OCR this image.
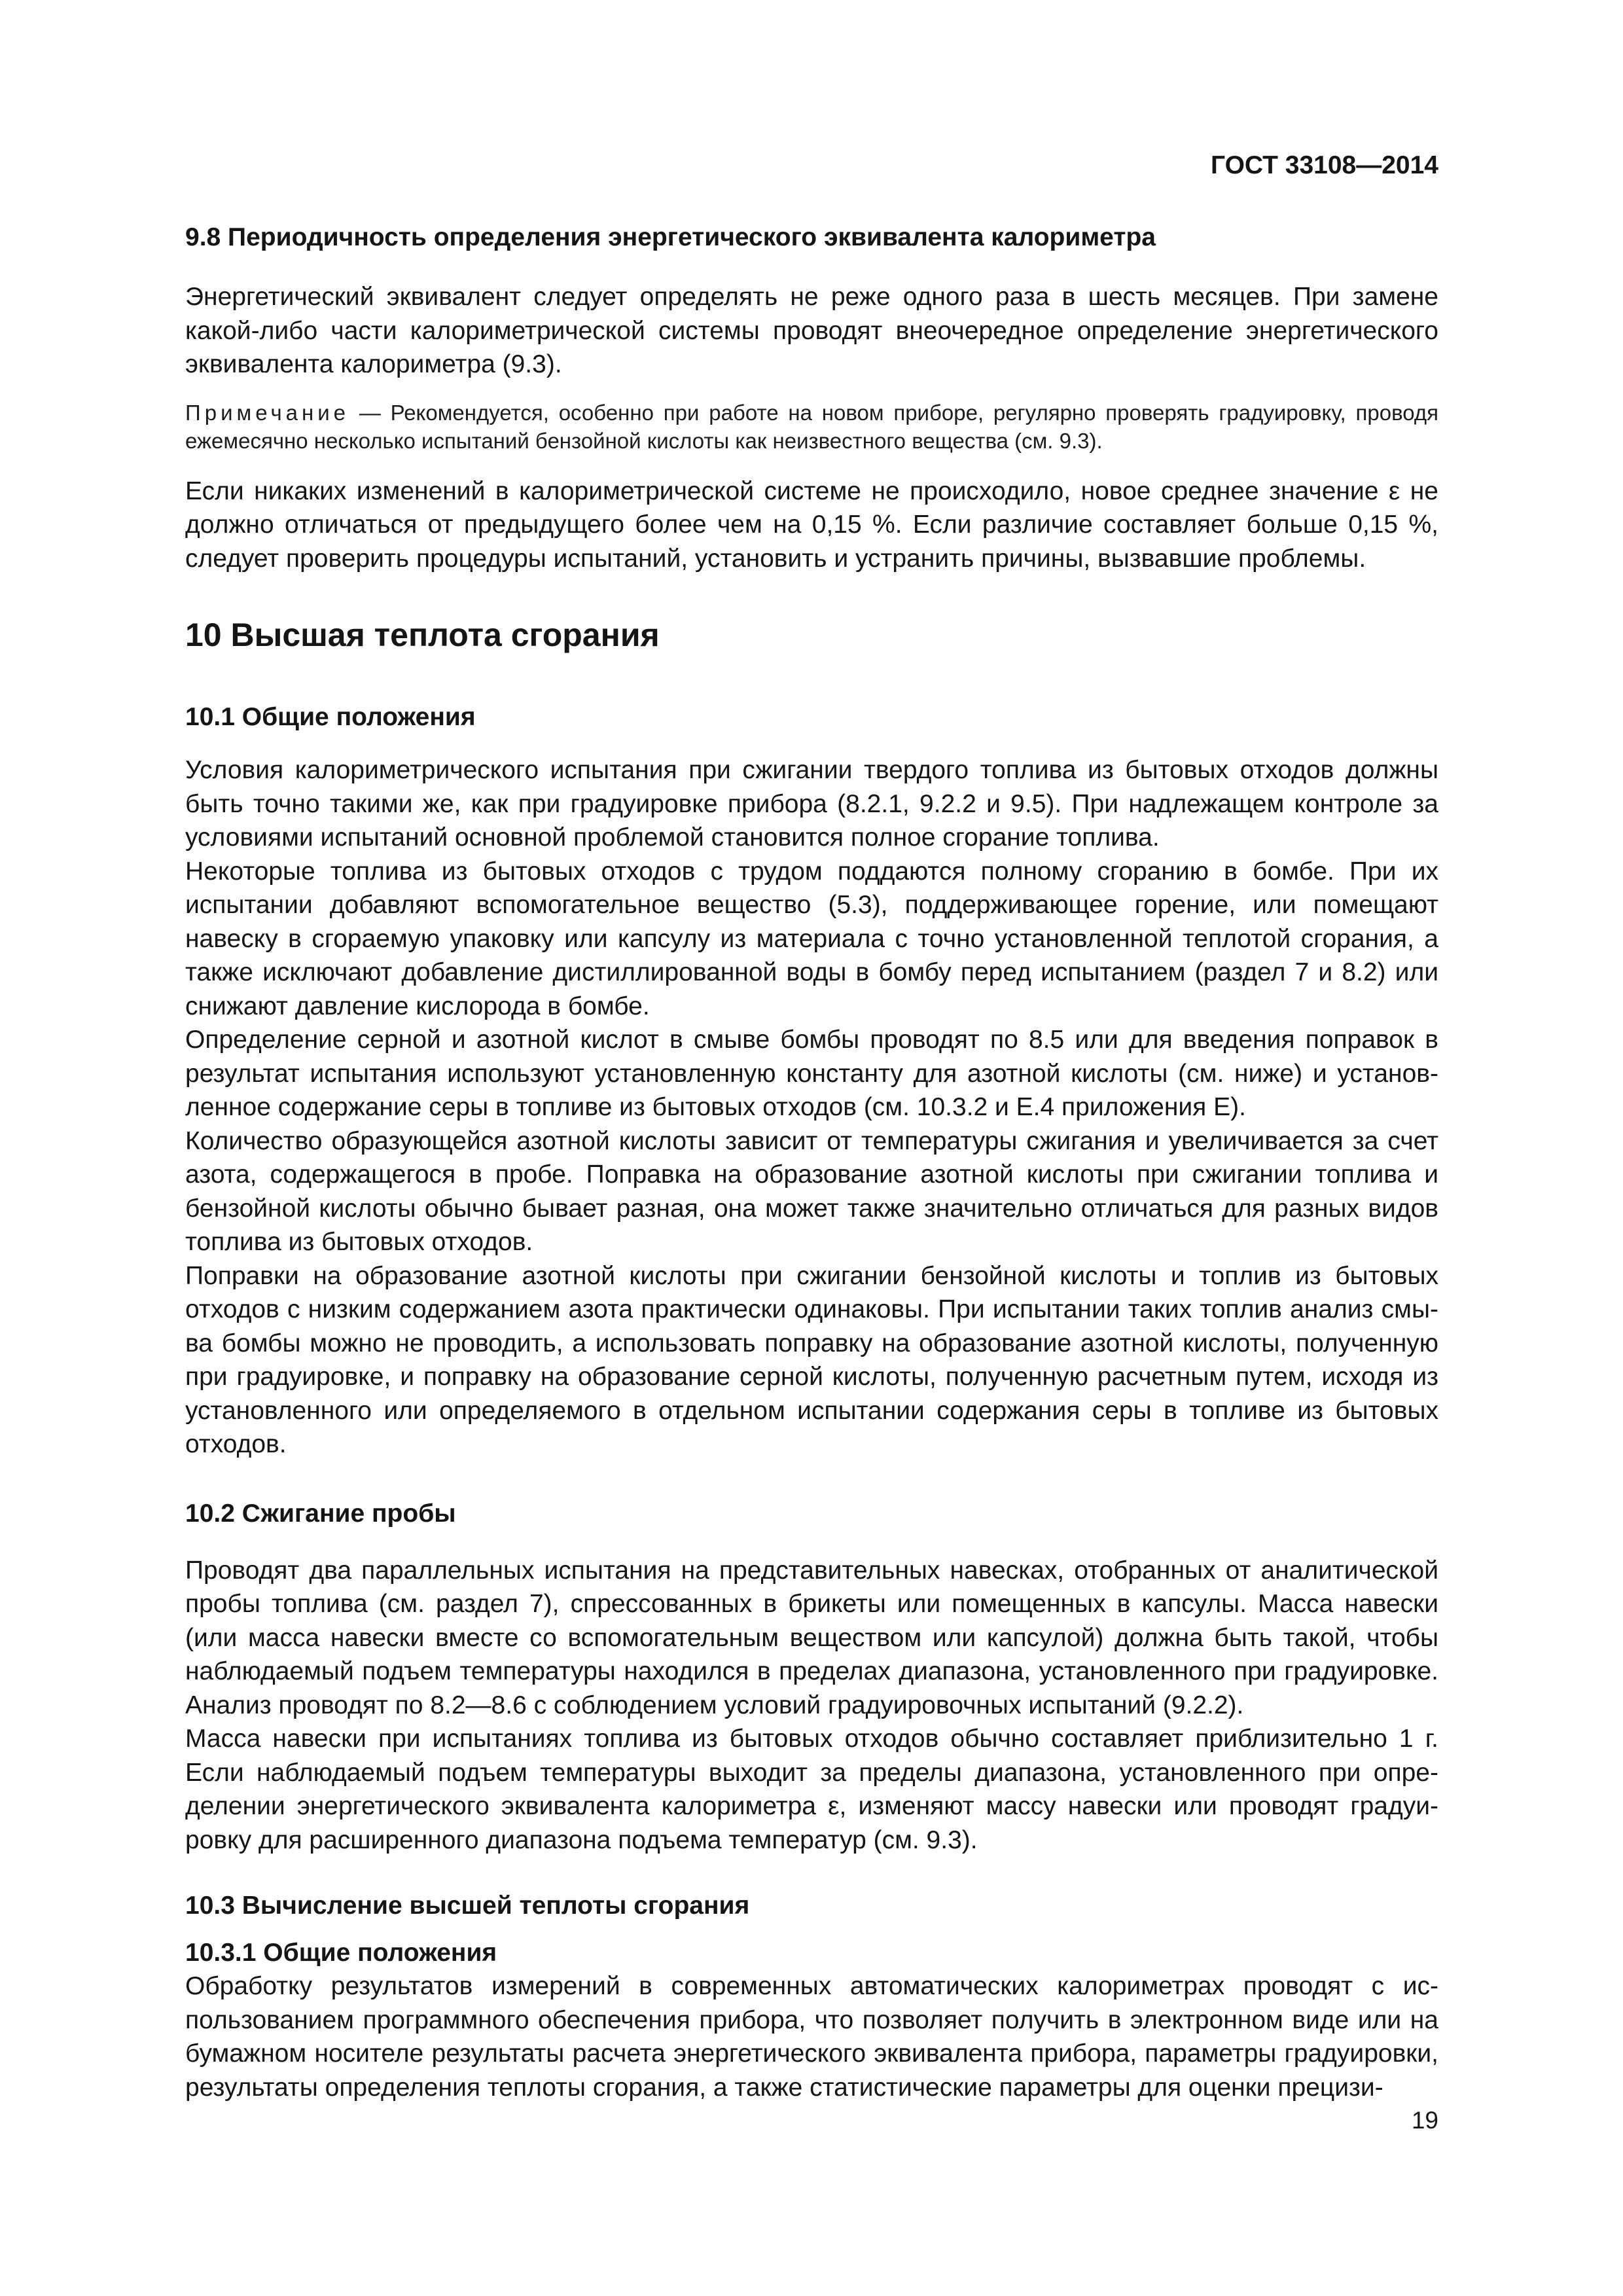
ГОСТ 33108—2014
9.8 Периодичность определения энергетического эквивалента калориметра

Энергетический эквивалент следует определять не реже одного раза в шесть месяцев. При замене какой-либо части калориметрической системы проводят внеочередное определение энергетического эквивалента калориметра (9.3).

Примечание — Рекомендуется, особенно при работе на новом приборе, регулярно проверять градуировку, проводя ежемесячно несколько испытаний бензойной кислоты как неизвестного вещества (см. 9.3).

Если никаких изменений в калориметрической системе не происходило, новое среднее значение ε не должно отличаться от предыдущего более чем на 0,15 %. Если различие составляет больше 0,15 %, следует проверить процедуры испытаний, установить и устранить причины, вызвавшие проблемы.

10 Высшая теплота сгорания
10.1 Общие положения

Условия калориметрического испытания при сжигании твердого топлива из бытовых отходов должны быть точно такими же, как при градуировке прибора (8.2.1, 9.2.2 и 9.5). При надлежащем контроле за условиями испытаний основной проблемой становится полное сгорание топлива.

Некоторые топлива из бытовых отходов с трудом поддаются полному сгоранию в бомбе. При их испытании добавляют вспомогательное вещество (5.3), поддерживающее горение, или помещают навеску в сгораемую упаковку или капсулу из материала с точно установленной теплотой сгорания, а также исключают добавление дистиллированной воды в бомбу перед испытанием (раздел 7 и 8.2) или снижают давление кислорода в бомбе.

Определение серной и азотной кислот в смыве бомбы проводят по 8.5 или для введения поправок в результат испытания используют установленную константу для азотной кислоты (см. ниже) и установленное содержание серы в топливе из бытовых отходов (см. 10.3.2 и Е.4 приложения Е).

Количество образующейся азотной кислоты зависит от температуры сжигания и увеличивается за счет азота, содержащегося в пробе. Поправка на образование азотной кислоты при сжигании топлива и бензойной кислоты обычно бывает разная, она может также значительно отличаться для разных видов топлива из бытовых отходов.

Поправки на образование азотной кислоты при сжигании бензойной кислоты и топлив из бытовых отходов с низким содержанием азота практически одинаковы. При испытании таких топлив анализ смыва бомбы можно не проводить, а использовать поправку на образование азотной кислоты, полученную при градуировке, и поправку на образование серной кислоты, полученную расчетным путем, исходя из установленного или определяемого в отдельном испытании содержания серы в топливе из бытовых отходов.

10.2 Сжигание пробы

Проводят два параллельных испытания на представительных навесках, отобранных от аналитической пробы топлива (см. раздел 7), спрессованных в брикеты или помещенных в капсулы. Масса навески (или масса навески вместе со вспомогательным веществом или капсулой) должна быть такой, чтобы наблюдаемый подъем температуры находился в пределах диапазона, установленного при градуировке. Анализ проводят по 8.2—8.6 с соблюдением условий градуировочных испытаний (9.2.2).

Масса навески при испытаниях топлива из бытовых отходов обычно составляет приблизительно 1 г. Если наблюдаемый подъем температуры выходит за пределы диапазона, установленного при определении энергетического эквивалента калориметра ε, изменяют массу навески или проводят градуировку для расширенного диапазона подъема температур (см. 9.3).

10.3 Вычисление высшей теплоты сгорания
10.3.1 Общие положения

Обработку результатов измерений в современных автоматических калориметрах проводят с использованием программного обеспечения прибора, что позволяет получить в электронном виде или на бумажном носителе результаты расчета энергетического эквивалента прибора, параметры градуировки, результаты определения теплоты сгорания, а также статистические параметры для оценки прецизи-

19
